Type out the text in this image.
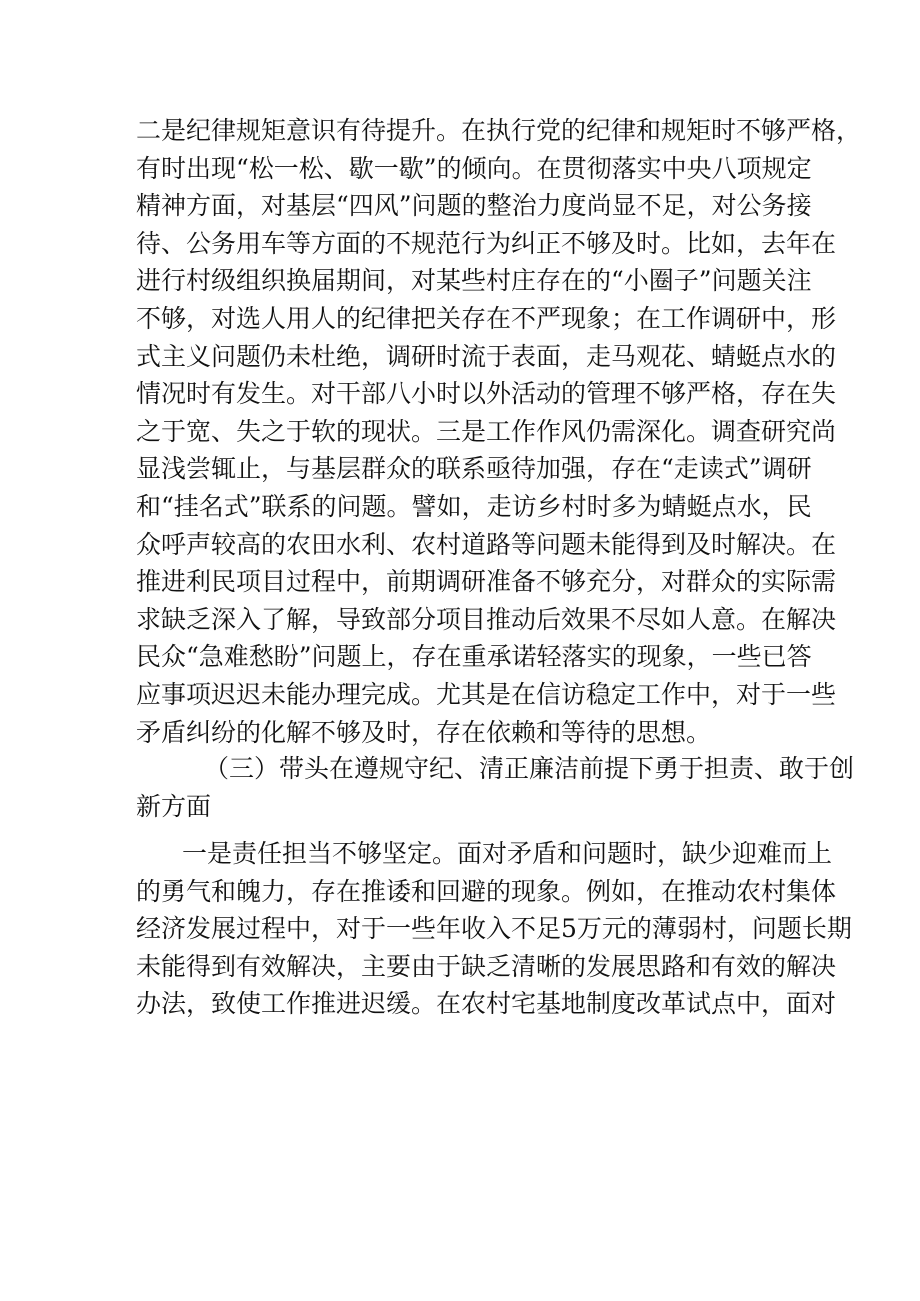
二是纪律规矩意识有待提升。在执行党的纪律和规矩时不够严格，
有时出现“松一松、歇一歇”的倾向。在贯彻落实中央八项规定
精神方面，对基层“四风”问题的整治力度尚显不足，对公务接
待、公务用车等方面的不规范行为纠正不够及时。比如，去年在
进行村级组织换届期间，对某些村庄存在的“小圈子”问题关注
不够，对选人用人的纪律把关存在不严现象；在工作调研中，形
式主义问题仍未杜绝，调研时流于表面，走马观花、蜻蜓点水的
情况时有发生。对干部八小时以外活动的管理不够严格，存在失
之于宽、失之于软的现状。三是工作作风仍需深化。调查研究尚
显浅尝辄止，与基层群众的联系亟待加强，存在“走读式”调研
和“挂名式”联系的问题。譬如，走访乡村时多为蜻蜓点水，民
众呼声较高的农田水利、农村道路等问题未能得到及时解决。在
推进利民项目过程中，前期调研准备不够充分，对群众的实际需
求缺乏深入了解，导致部分项目推动后效果不尽如人意。在解决
民众“急难愁盼”问题上，存在重承诺轻落实的现象，一些已答
应事项迟迟未能办理完成。尤其是在信访稳定工作中，对于一些
矛盾纠纷的化解不够及时，存在依赖和等待的思想。
（三）带头在遵规守纪、清正廉洁前提下勇于担责、敢于创
新方面
一是责任担当不够坚定。面对矛盾和问题时，缺少迎难而上
的勇气和魄力，存在推诿和回避的现象。例如，在推动农村集体
经济发展过程中，对于一些年收入不足5万元的薄弱村，问题长期
未能得到有效解决，主要由于缺乏清晰的发展思路和有效的解决
办法，致使工作推进迟缓。在农村宅基地制度改革试点中，面对
